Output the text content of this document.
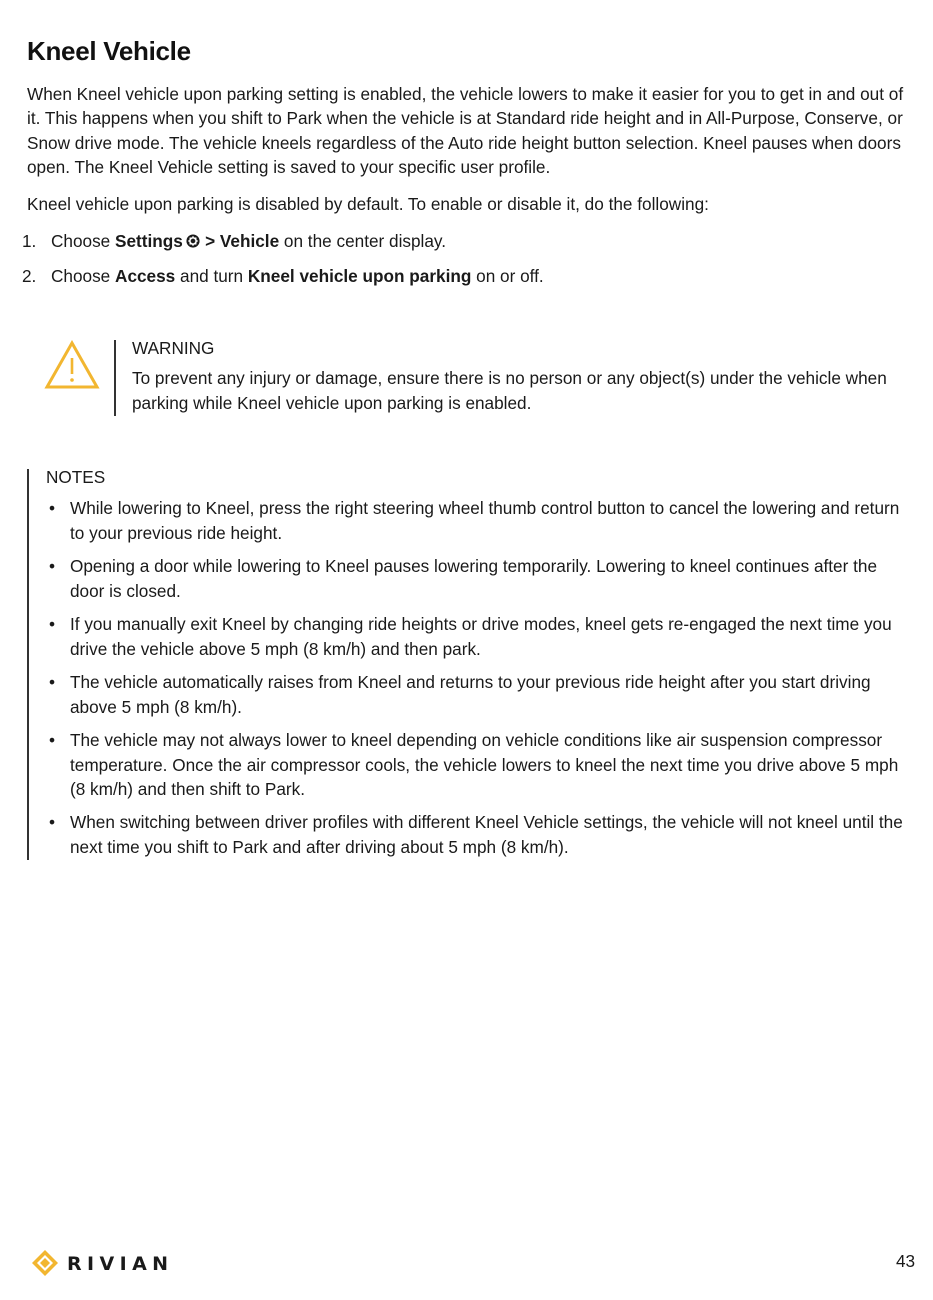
Kneel Vehicle

When Kneel vehicle upon parking setting is enabled, the vehicle lowers to make it easier for you to get in and out of it. This happens when you shift to Park when the vehicle is at Standard ride height and in All-Purpose, Conserve, or Snow drive mode. The vehicle kneels regardless of the Auto ride height button selection. Kneel pauses when doors open. The Kneel Vehicle setting is saved to your specific user profile.

Kneel vehicle upon parking is disabled by default. To enable or disable it, do the following:

1. Choose Settings  > Vehicle on the center display.
2. Choose Access and turn Kneel vehicle upon parking on or off.
WARNING
To prevent any injury or damage, ensure there is no person or any object(s) under the vehicle when parking while Kneel vehicle upon parking is enabled.
NOTES
• While lowering to Kneel, press the right steering wheel thumb control button to cancel the lowering and return to your previous ride height.
• Opening a door while lowering to Kneel pauses lowering temporarily. Lowering to kneel continues after the door is closed.
• If you manually exit Kneel by changing ride heights or drive modes, kneel gets re-engaged the next time you drive the vehicle above 5 mph (8 km/h) and then park.
• The vehicle automatically raises from Kneel and returns to your previous ride height after you start driving above 5 mph (8 km/h).
• The vehicle may not always lower to kneel depending on vehicle conditions like air suspension compressor temperature. Once the air compressor cools, the vehicle lowers to kneel the next time you drive above 5 mph (8 km/h) and then shift to Park.
• When switching between driver profiles with different Kneel Vehicle settings, the vehicle will not kneel until the next time you shift to Park and after driving about 5 mph (8 km/h).
RIVIAN	43
